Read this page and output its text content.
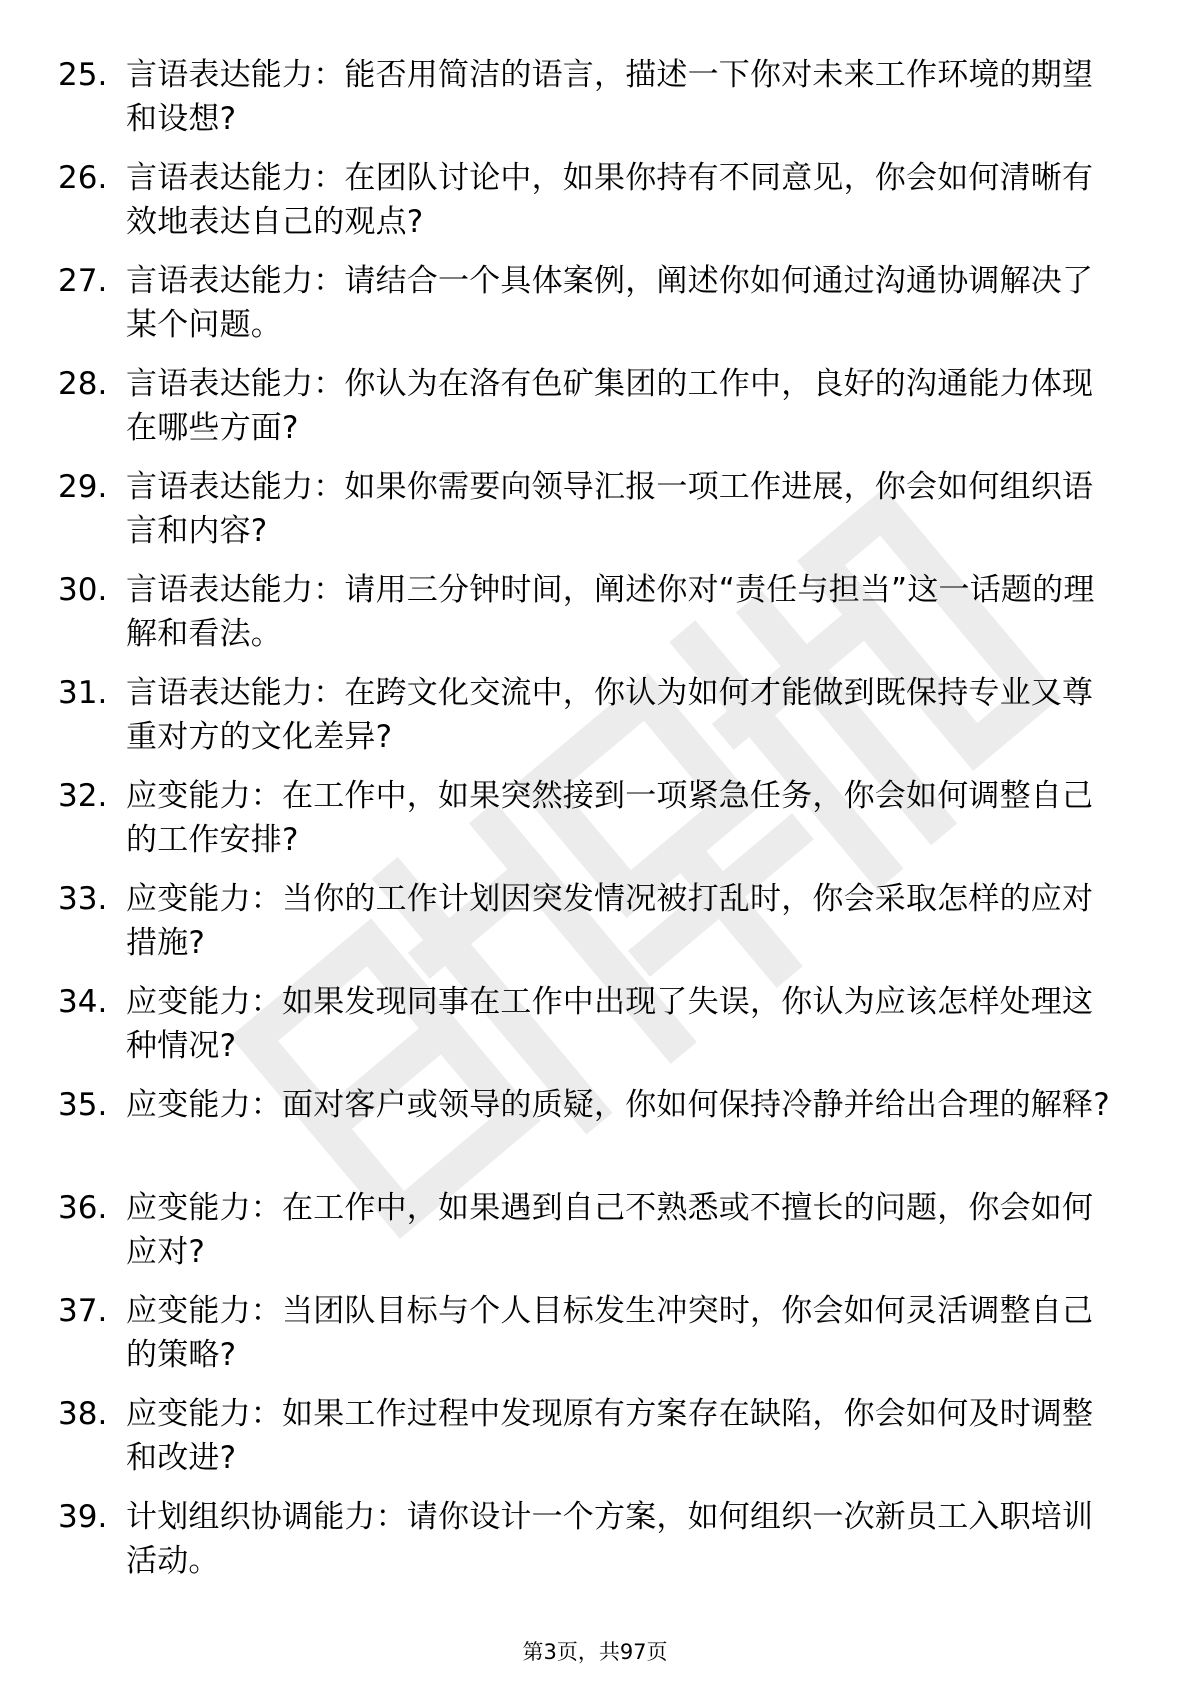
25. 言语表达能力：能否用简洁的语言，描述一下你对未来工作环境的期望和设想?
26. 言语表达能力：在团队讨论中，如果你持有不同意见，你会如何清晰有效地表达自己的观点?
27. 言语表达能力：请结合一个具体案例，阐述你如何通过沟通协调解决了某个问题。
28. 言语表达能力：你认为在洛有色矿集团的工作中，良好的沟通能力体现在哪些方面?
29. 言语表达能力：如果你需要向领导汇报一项工作进展，你会如何组织语言和内容?
30. 言语表达能力：请用三分钟时间，阐述你对“责任与担当”这一话题的理解和看法。
31. 言语表达能力：在跨文化交流中，你认为如何才能做到既保持专业又尊重对方的文化差异?
32. 应变能力：在工作中，如果突然接到一项紧急任务，你会如何调整自己的工作安排?
33. 应变能力：当你的工作计划因突发情况被打乱时，你会采取怎样的应对措施?
34. 应变能力：如果发现同事在工作中出现了失误，你认为应该怎样处理这种情况?
35. 应变能力：面对客户或领导的质疑，你如何保持冷静并给出合理的解释?
36. 应变能力：在工作中，如果遇到自己不熟悉或不擅长的问题，你会如何应对?
37. 应变能力：当团队目标与个人目标发生冲突时，你会如何灵活调整自己的策略?
38. 应变能力：如果工作过程中发现原有方案存在缺陷，你会如何及时调整和改进?
39. 计划组织协调能力：请你设计一个方案，如何组织一次新员工入职培训活动。
第3页，共97页
